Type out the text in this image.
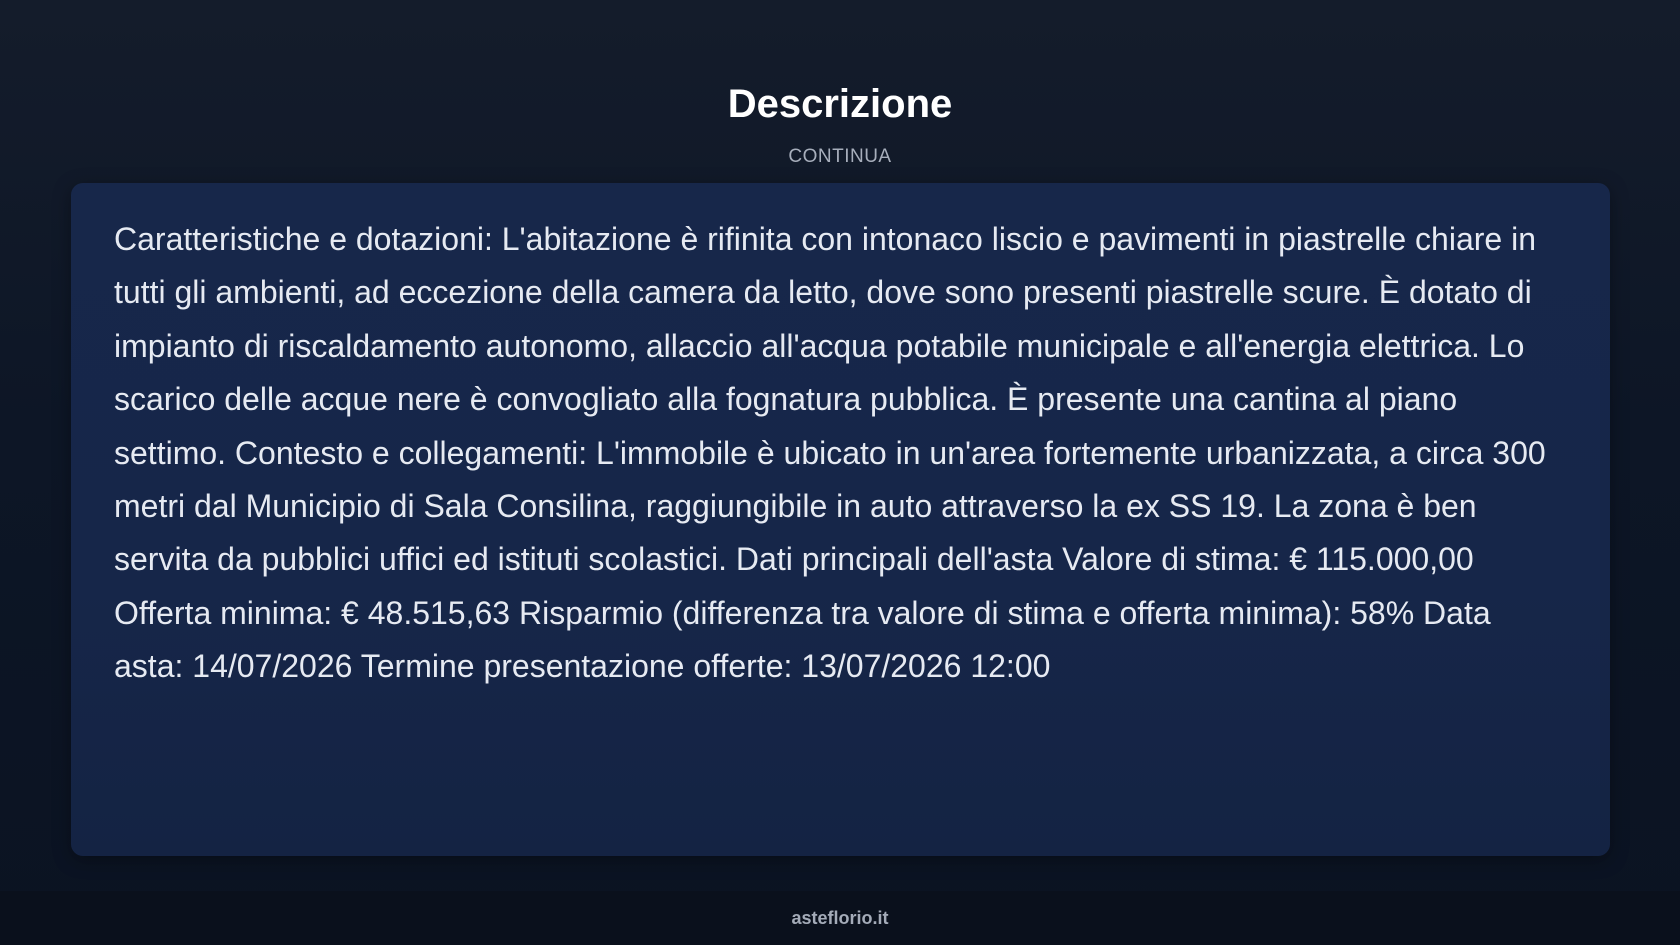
Descrizione
CONTINUA

Caratteristiche e dotazioni: L'abitazione è rifinita con intonaco liscio e pavimenti in piastrelle chiare in tutti gli ambienti, ad eccezione della camera da letto, dove sono presenti piastrelle scure. È dotato di impianto di riscaldamento autonomo, allaccio all'acqua potabile municipale e all'energia elettrica. Lo scarico delle acque nere è convogliato alla fognatura pubblica. È presente una cantina al piano settimo. Contesto e collegamenti: L'immobile è ubicato in un'area fortemente urbanizzata, a circa 300 metri dal Municipio di Sala Consilina, raggiungibile in auto attraverso la ex SS 19. La zona è ben servita da pubblici uffici ed istituti scolastici. Dati principali dell'asta Valore di stima: € 115.000,00 Offerta minima: € 48.515,63 Risparmio (differenza tra valore di stima e offerta minima): 58% Data asta: 14/07/2026 Termine presentazione offerte: 13/07/2026 12:00

asteflorio.it
